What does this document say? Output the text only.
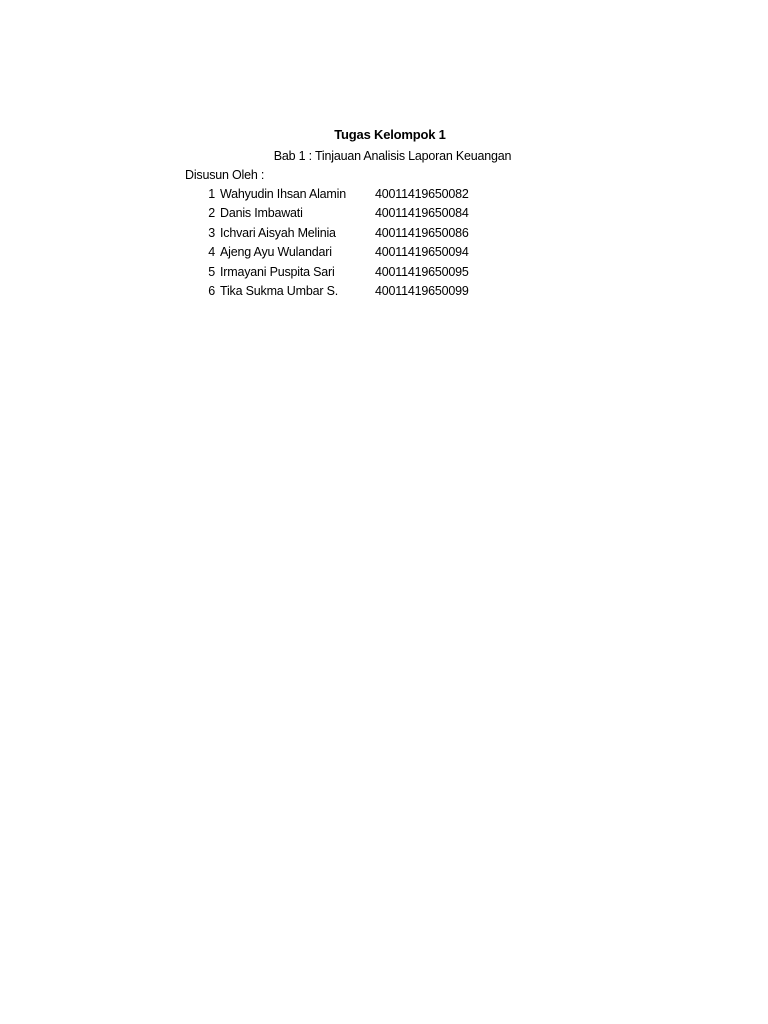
Tugas Kelompok 1
Bab 1 : Tinjauan Analisis Laporan Keuangan
Disusun Oleh :
1 Wahyudin Ihsan Alamin 40011419650082
2 Danis Imbawati	40011419650084
3 Ichvari Aisyah Melinia	40011419650086
4 Ajeng Ayu Wulandari	40011419650094
5 Irmayani Puspita Sari	40011419650095
6 Tika Sukma Umbar S.	40011419650099
